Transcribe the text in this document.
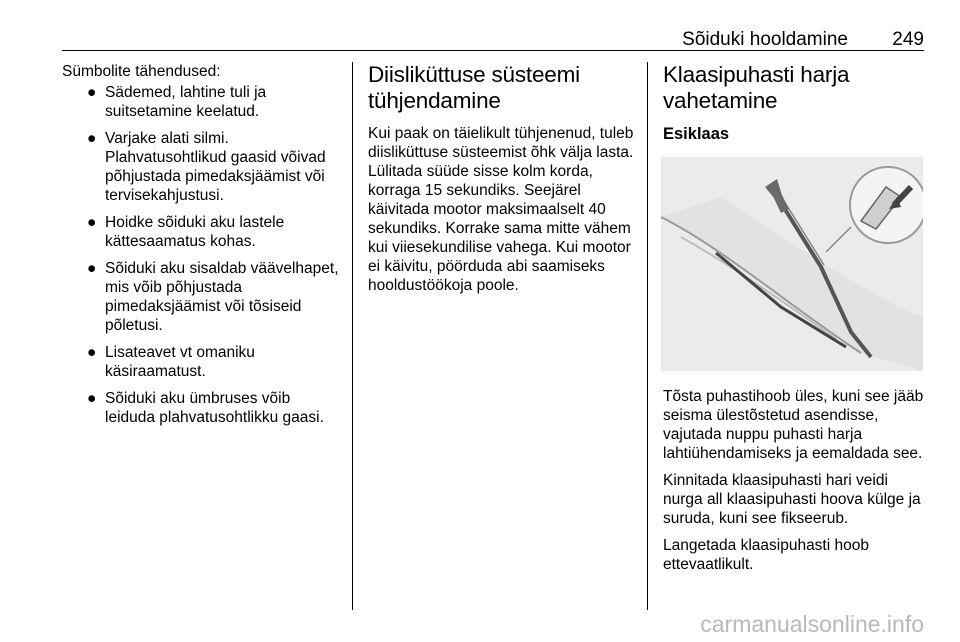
Sõiduki hooldamine 249

Sümbolite tähendused:

● Sädemed, lahtine tuli ja suitsetamine keelatud.
● Varjake alati silmi. Plahvatusohtlikud gaasid võivad põhjustada pimedaksjäämist või tervisekahjustusi.
● Hoidke sõiduki aku lastele kättesaamatus kohas.
● Sõiduki aku sisaldab väävelhapet, mis võib põhjustada pimedaksjäämist või tõsiseid põletusi.
● Lisateavet vt omaniku käsiraamatust.
● Sõiduki aku ümbruses võib leiduda plahvatusohtlikku gaasi.
Diisliküttuse süsteemi tühjendamine

Kui paak on täielikult tühjenenud, tuleb diisliküttuse süsteemist õhk välja lasta. Lülitada süüde sisse kolm korda, korraga 15 sekundiks. Seejärel käivitada mootor maksimaalselt 40 sekundiks. Korrake sama mitte vähem kui viiesekundilise vahega. Kui mootor ei käivitu, pöörduda abi saamiseks hooldustöökoja poole.

Klaasipuhasti harja vahetamine
Esiklaas

Tõsta puhastihoob üles, kuni see jääb seisma ülestõstetud asendisse, vajutada nuppu puhasti harja lahtiühendamiseks ja eemaldada see.

Kinnitada klaasipuhasti hari veidi nurga all klaasipuhasti hoova külge ja suruda, kuni see fikseerub.

Langetada klaasipuhasti hoob ettevaatlikult.

carmanualsonline.info
